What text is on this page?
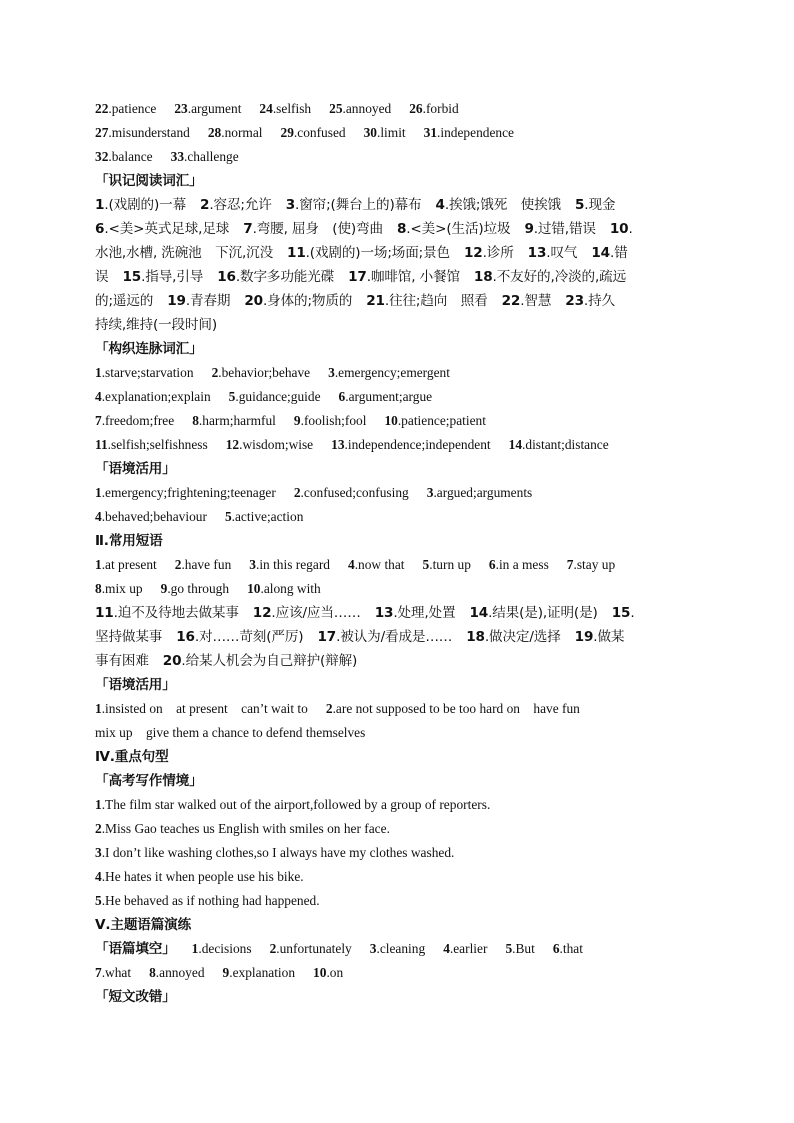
22.patience 23.argument 24.selfish 25.annoyed 26.forbid
27.misunderstand 28.normal 29.confused 30.limit 31.independence
32.balance 33.challenge
「识记阅读词汇」
1.(戏剧的)一幕 2.容忍;允许 3.窗帘;(舞台上的)幕布 4.挨饿;饿死　使挨饿 5.现金
6.<美>英式足球,足球 7.弯腰, 屈身　(使)弯曲 8.<美>(生活)垃圾 9.过错,错误 10.
水池,水槽, 洗碗池　下沉,沉没 11.(戏剧的)一场;场面;景色 12.诊所 13.叹气 14.错
误 15.指导,引导 16.数字多功能光碟 17.咖啡馆, 小餐馆 18.不友好的,冷淡的,疏远
的;遥远的 19.青春期 20.身体的;物质的 21.往往;趋向　照看 22.智慧 23.持久
持续,维持(一段时间)
「构织连脉词汇」
1.starve;starvation 2.behavior;behave 3.emergency;emergent
4.explanation;explain 5.guidance;guide 6.argument;argue
7.freedom;free 8.harm;harmful 9.foolish;fool 10.patience;patient
11.selfish;selfishness 12.wisdom;wise 13.independence;independent 14.distant;distance
「语境活用」
1.emergency;frightening;teenager 2.confused;confusing 3.argued;arguments
4.behaved;behaviour 5.active;action
Ⅱ.常用短语
1.at present 2.have fun 3.in this regard 4.now that 5.turn up 6.in a mess 7.stay up
8.mix up 9.go through 10.along with
11.迫不及待地去做某事 12.应该/应当…… 13.处理,处置 14.结果(是),证明(是) 15.
坚持做某事 16.对……苛刻(严厉) 17.被认为/看成是…… 18.做决定/选择 19.做某
事有困难 20.给某人机会为自己辩护(辩解)
「语境活用」
1.insisted on　at present　can’t wait to 2.are not supposed to be too hard on　have fun
mix up　give them a chance to defend themselves
Ⅳ.重点句型
「高考写作情境」
1.The film star walked out of the airport,followed by a group of reporters.
2.Miss Gao teaches us English with smiles on her face.
3.I don’t like washing clothes,so I always have my clothes washed.
4.He hates it when people use his bike.
5.He behaved as if nothing had happened.
Ⅴ.主题语篇演练
「语篇填空」 1.decisions 2.unfortunately 3.cleaning 4.earlier 5.But 6.that
7.what 8.annoyed 9.explanation 10.on
「短文改错」
